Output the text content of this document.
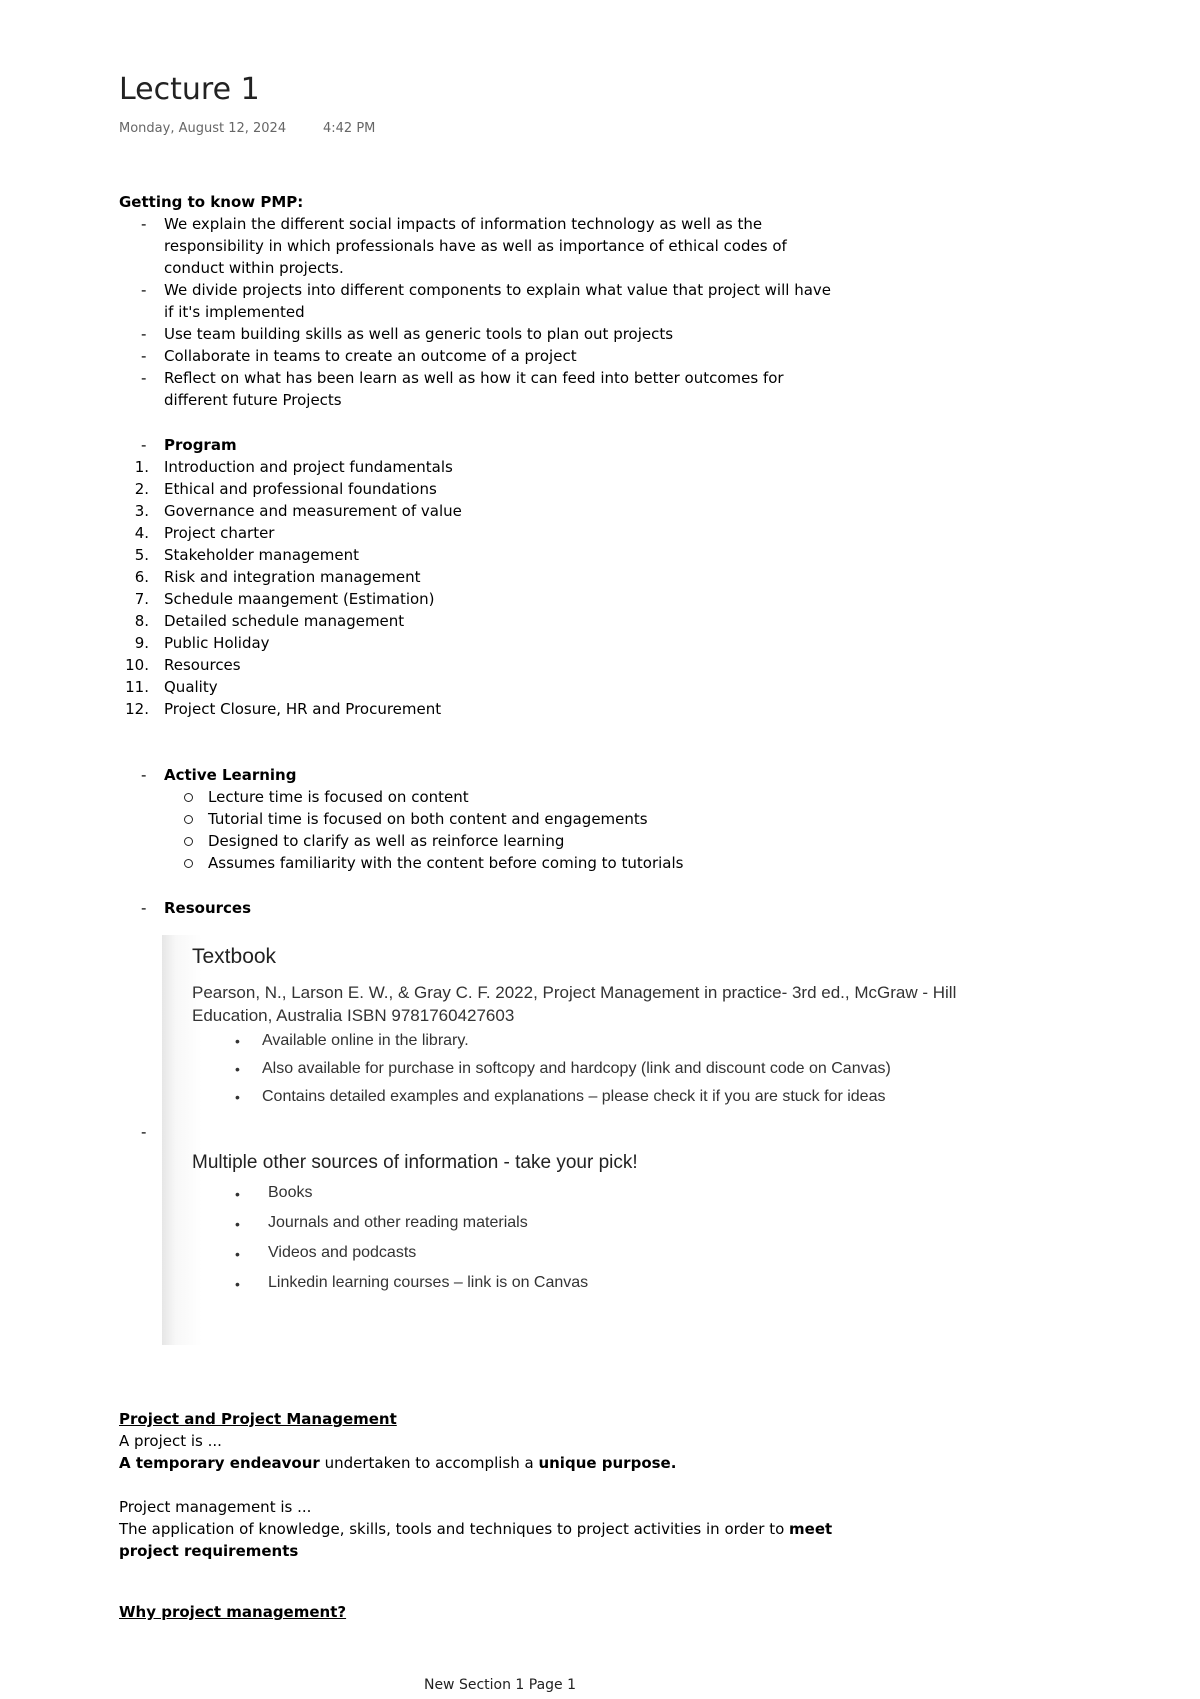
Lecture 1
Monday, August 12, 2024	4:42 PM
Getting to know PMP:
- We explain the different social impacts of information technology as well as the
responsibility in which professionals have as well as importance of ethical codes of
conduct within projects.
- We divide projects into different components to explain what value that project will have
if it's implemented
- Use team building skills as well as generic tools to plan out projects
- Collaborate in teams to create an outcome of a project
- Reflect on what has been learn as well as how it can feed into better outcomes for
different future Projects
- Program
1. Introduction and project fundamentals
2. Ethical and professional foundations
3. Governance and measurement of value
4. Project charter
5. Stakeholder management
6. Risk and integration management
7. Schedule maangement (Estimation)
8. Detailed schedule management
9. Public Holiday
10. Resources
11. Quality
12. Project Closure, HR and Procurement
- Active Learning
Lecture time is focused on content
Tutorial time is focused on both content and engagements
Designed to clarify as well as reinforce learning
Assumes familiarity with the content before coming to tutorials
- Resources
-
Textbook
Pearson, N., Larson E. W., & Gray C. F. 2022, Project Management in practice- 3rd ed., McGraw - Hill
Education, Australia ISBN 9781760427603
• Available online in the library.
• Also available for purchase in softcopy and hardcopy (link and discount code on Canvas)
• Contains detailed examples and explanations – please check it if you are stuck for ideas
Multiple other sources of information - take your pick!
• Books
• Journals and other reading materials
• Videos and podcasts
• Linkedin learning courses – link is on Canvas
Project and Project Management
A project is ...
A temporary endeavour undertaken to accomplish a unique purpose.
Project management is ...
The application of knowledge, skills, tools and techniques to project activities in order to meet
project requirements
Why project management?
New Section 1 Page 1
